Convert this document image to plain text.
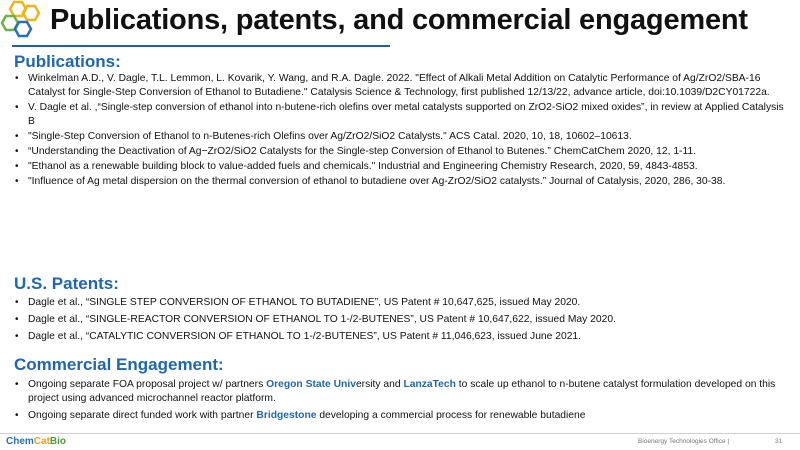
Publications, patents, and commercial engagement
Publications:
• Winkelman A.D., V. Dagle, T.L. Lemmon, L. Kovarik, Y. Wang, and R.A. Dagle. 2022. "Effect of Alkali Metal Addition on Catalytic Performance of Ag/ZrO2/SBA-16 Catalyst for Single-Step Conversion of Ethanol to Butadiene." Catalysis Science & Technology, first published 12/13/22, advance article, doi:10.1039/D2CY01722a.
• V. Dagle et al. ,“Single-step conversion of ethanol into n-butene-rich olefins over metal catalysts supported on ZrO2-SiO2 mixed oxides”, in review at Applied Catalysis B
• "Single-Step Conversion of Ethanol to n-Butenes-rich Olefins over Ag/ZrO2/SiO2 Catalysts." ACS Catal. 2020, 10, 18, 10602–10613.
• “Understanding the Deactivation of Ag−ZrO2/SiO2 Catalysts for the Single-step Conversion of Ethanol to Butenes.” ChemCatChem 2020, 12, 1-11.
• "Ethanol as a renewable building block to value-added fuels and chemicals." Industrial and Engineering Chemistry Research, 2020, 59, 4843-4853.
• "Influence of Ag metal dispersion on the thermal conversion of ethanol to butadiene over Ag-ZrO2/SiO2 catalysts.” Journal of Catalysis, 2020, 286, 30-38.
U.S. Patents:
• Dagle et al., “SINGLE STEP CONVERSION OF ETHANOL TO BUTADIENE”, US Patent # 10,647,625, issued May 2020.
• Dagle et al., “SINGLE-REACTOR CONVERSION OF ETHANOL TO 1-/2-BUTENES”, US Patent # 10,647,622, issued May 2020.
• Dagle et al., “CATALYTIC CONVERSION OF ETHANOL TO 1-/2-BUTENES”, US Patent # 11,046,623, issued June 2021.
Commercial Engagement:
• Ongoing separate FOA proposal project w/ partners Oregon State University and LanzaTech to scale up ethanol to n-butene catalyst formulation developed on this project using advanced microchannel reactor platform.
• Ongoing separate direct funded work with partner Bridgestone developing a commercial process for renewable butadiene
ChemCatBio	Bioenergy Technologies Office |	31
